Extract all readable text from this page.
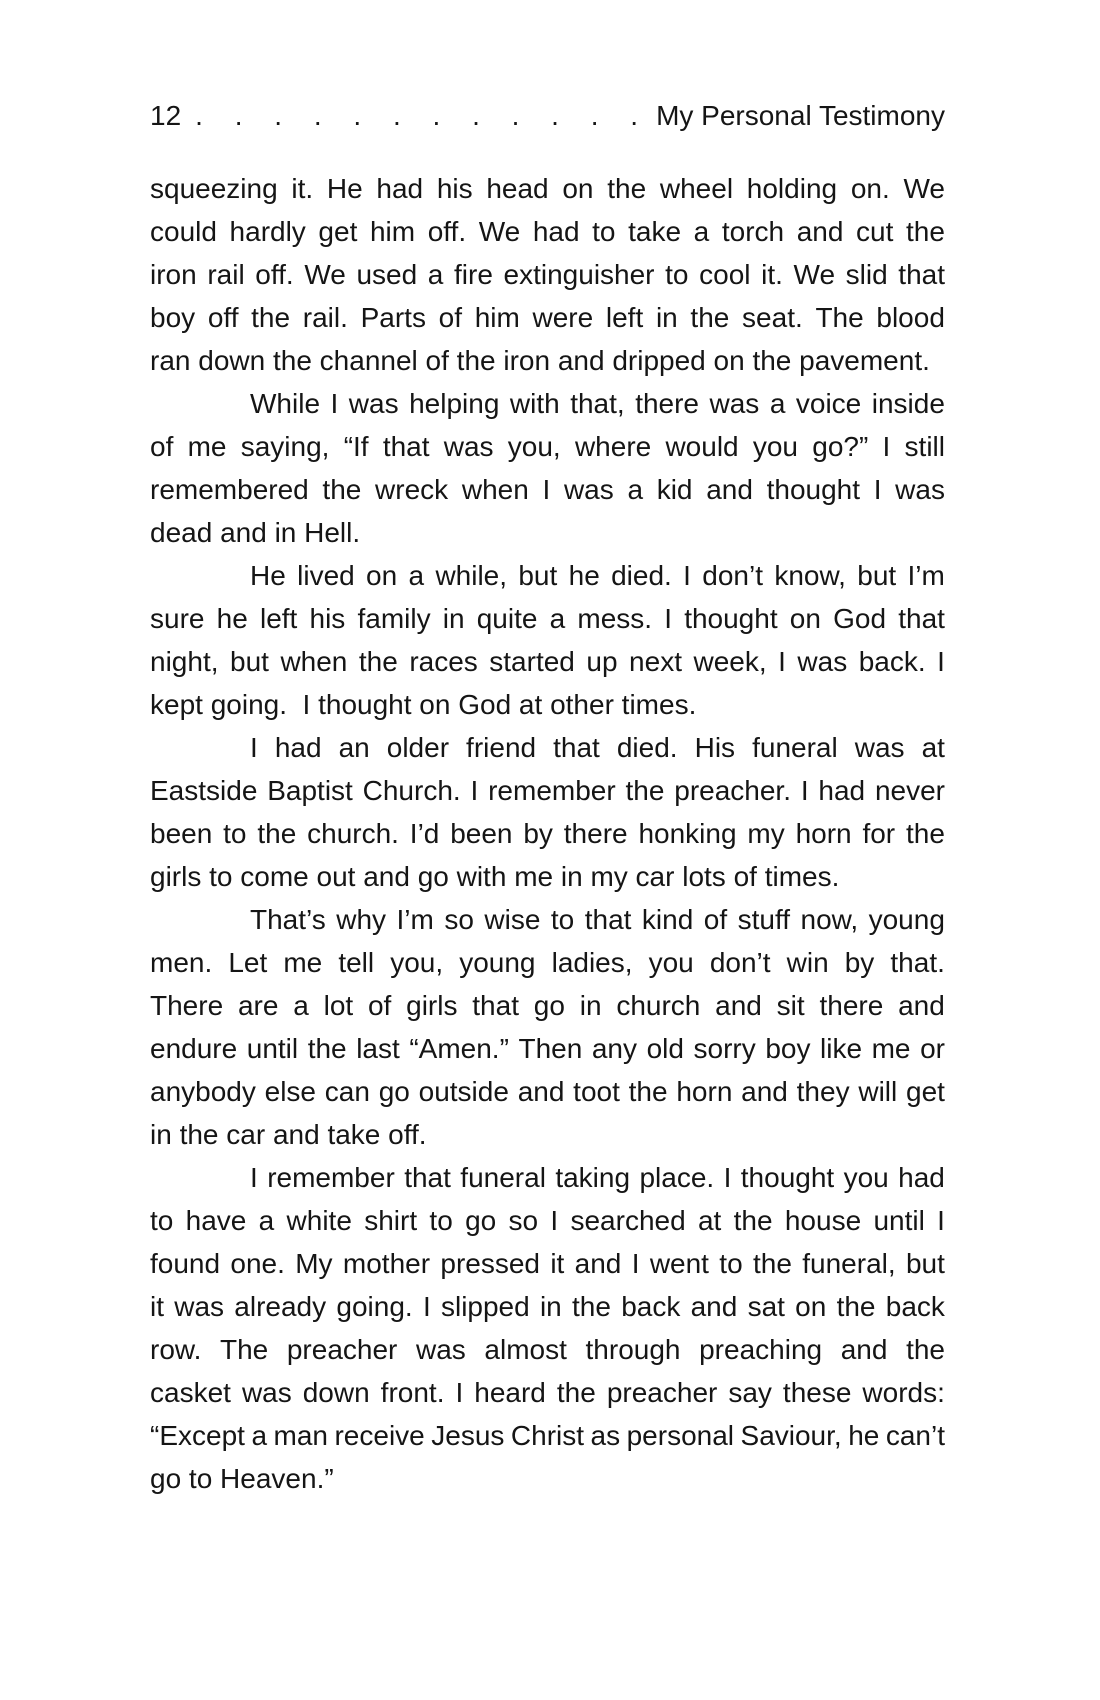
12 . . . . . . . . . . . . My Personal Testimony
squeezing it. He had his head on the wheel holding on. We
could hardly get him off. We had to take a torch and cut the
iron rail off. We used a fire extinguisher to cool it. We slid that
boy off the rail. Parts of him were left in the seat. The blood
ran down the channel of the iron and dripped on the pavement.
While I was helping with that, there was a voice inside
of me saying, “If that was you, where would you go?” I still
remembered the wreck when I was a kid and thought I was
dead and in Hell.
He lived on a while, but he died. I don’t know, but I’m
sure he left his family in quite a mess. I thought on God that
night, but when the races started up next week, I was back. I
kept going.  I thought on God at other times.
I had an older friend that died. His funeral was at
Eastside Baptist Church. I remember the preacher. I had never
been to the church. I’d been by there honking my horn for the
girls to come out and go with me in my car lots of times.
That’s why I’m so wise to that kind of stuff now, young
men. Let me tell you, young ladies, you don’t win by that.
There are a lot of girls that go in church and sit there and
endure until the last “Amen.” Then any old sorry boy like me or
anybody else can go outside and toot the horn and they will get
in the car and take off.
I remember that funeral taking place. I thought you had
to have a white shirt to go so I searched at the house until I
found one. My mother pressed it and I went to the funeral, but
it was already going. I slipped in the back and sat on the back
row. The preacher was almost through preaching and the
casket was down front. I heard the preacher say these words:
“Except a man receive Jesus Christ as personal Saviour, he can’t
go to Heaven.”
